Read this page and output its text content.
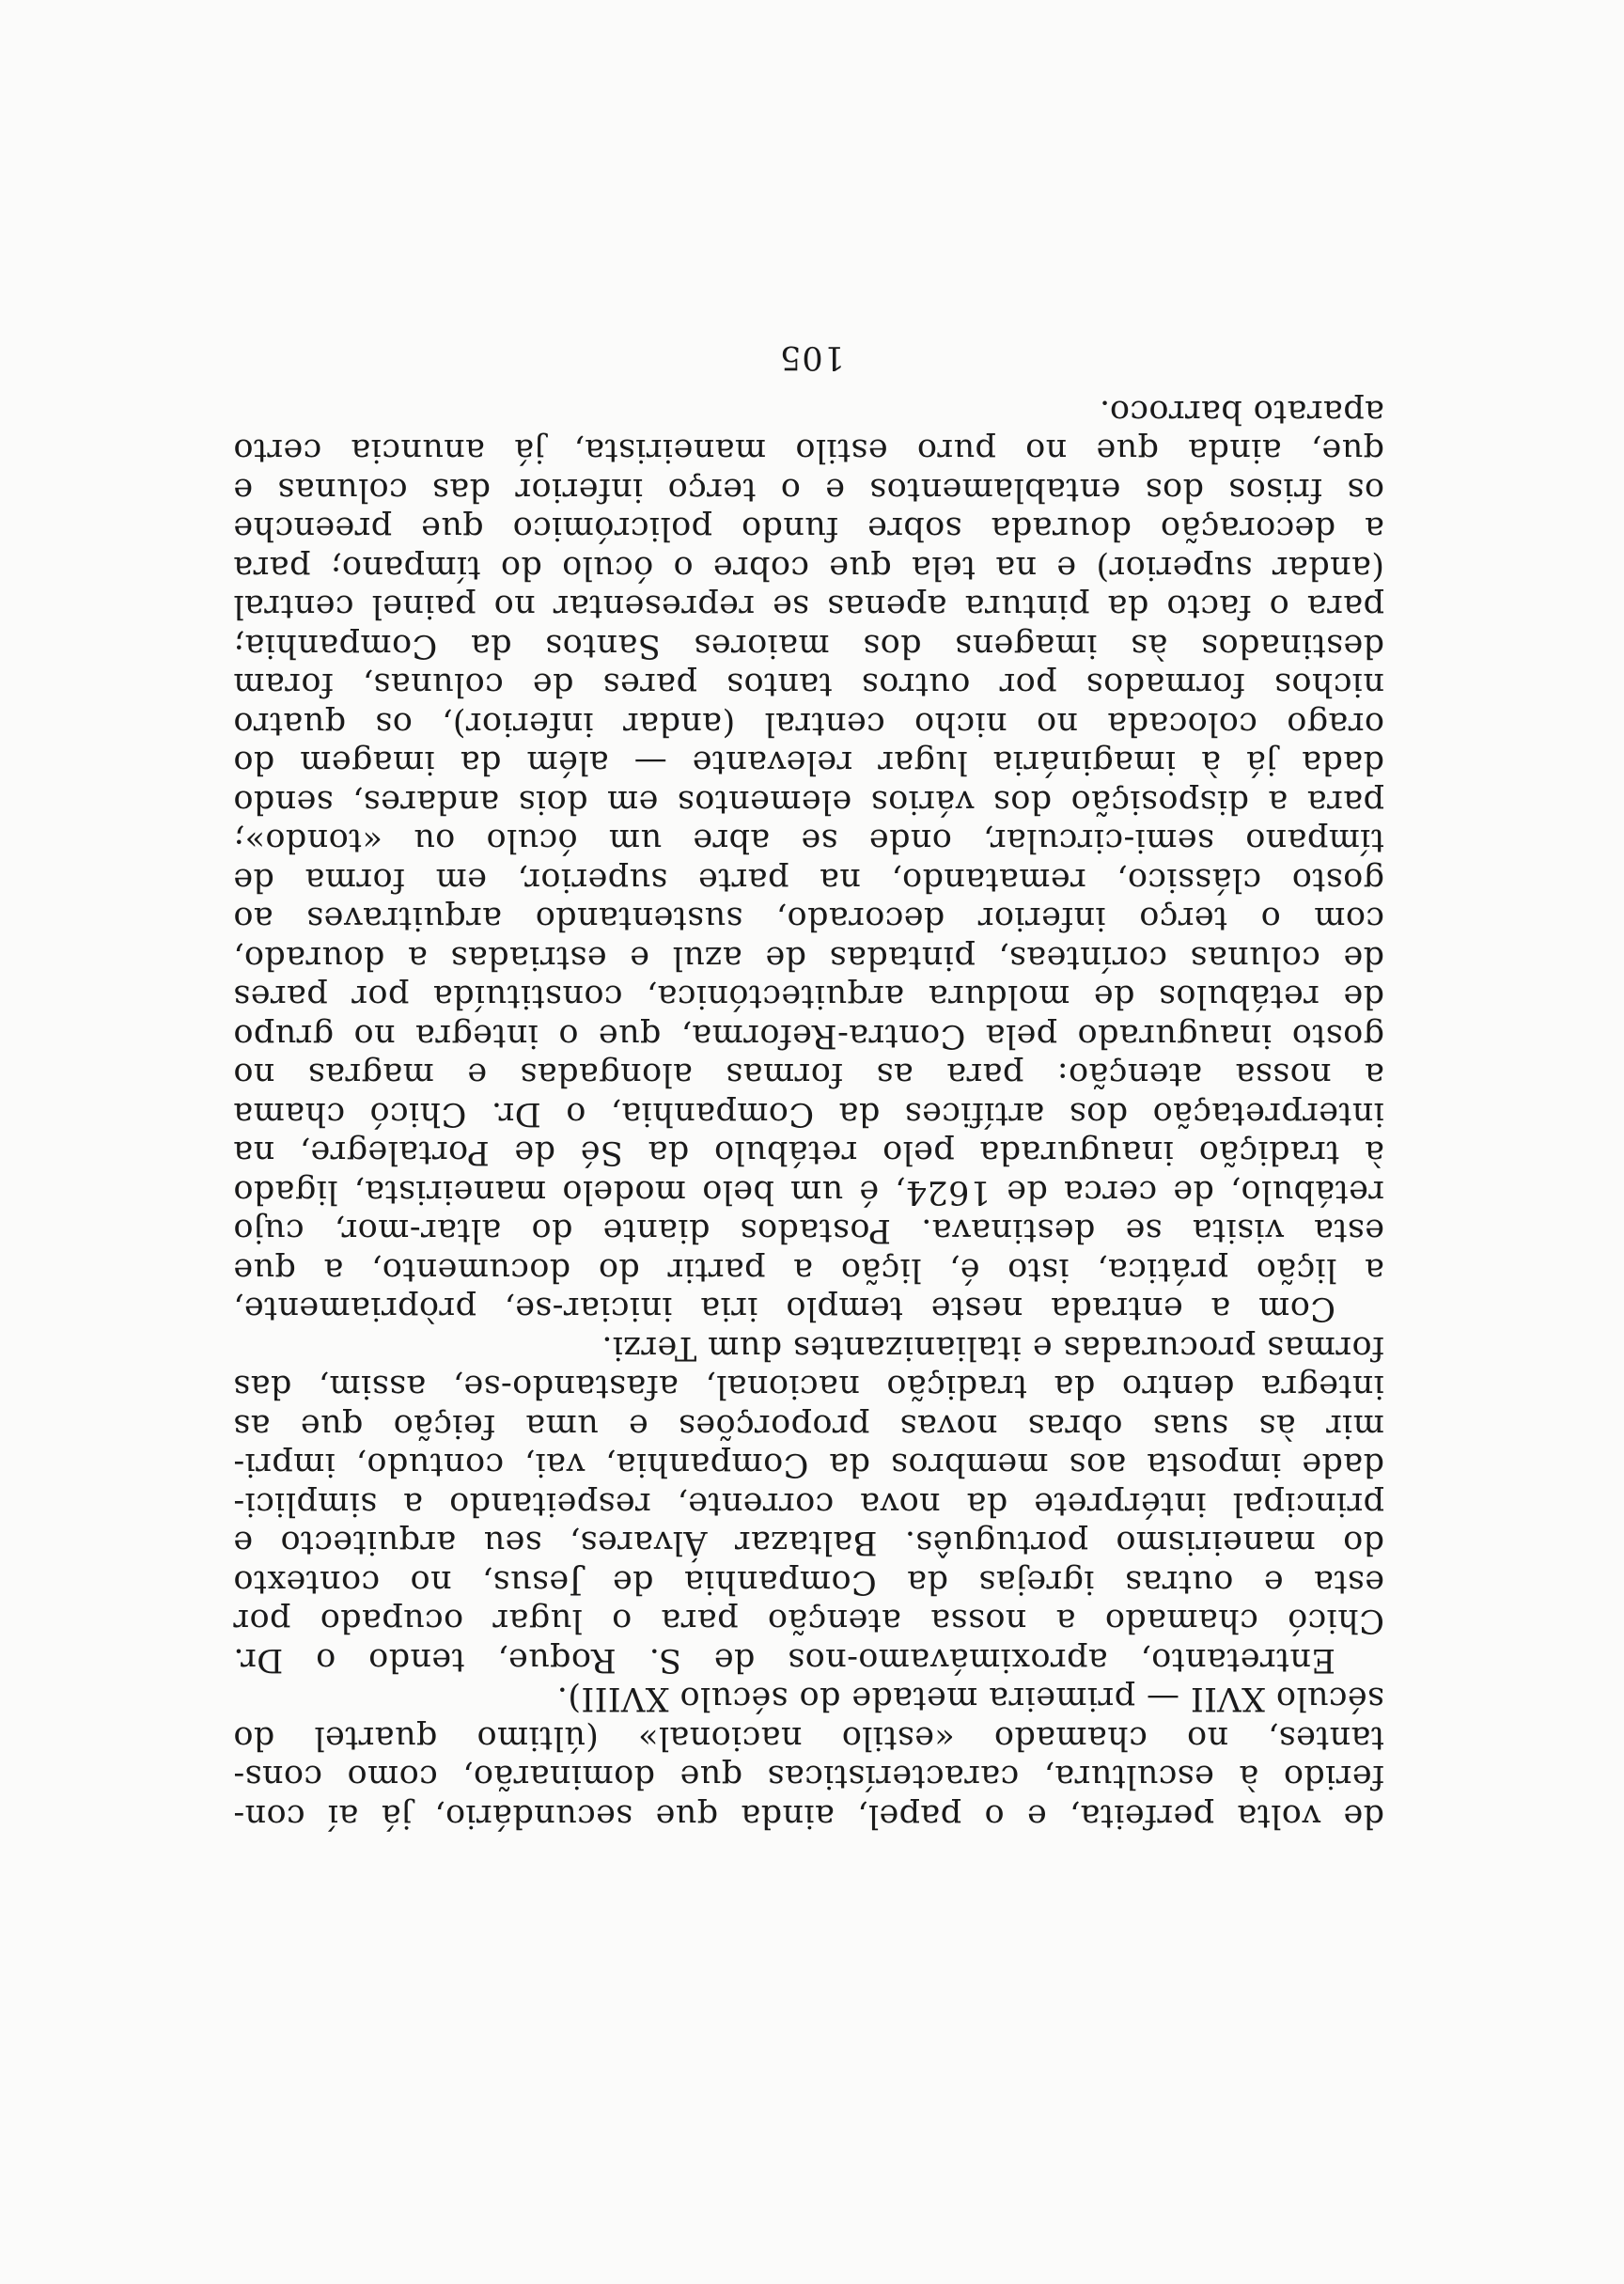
de volta perfeita, e o papel, ainda que secundário, já aí con-
ferido à escultura, características que dominarão, como cons-
tantes, no chamado «estilo nacional» (último quartel do
século XVII — primeira metade do século XVIII).
Entretanto, aproximávamo-nos de S. Roque, tendo o Dr.
Chicó chamado a nossa atenção para o lugar ocupado por
esta e outras igrejas da Companhia de Jesus, no contexto
do maneirismo português. Baltazar Álvares, seu arquitecto e
principal intérprete da nova corrente, respeitando a simplici-
dade imposta aos membros da Companhia, vai, contudo, impri-
mir às suas obras novas proporções e uma feição que as
integra dentro da tradição nacional, afastando-se, assim, das
formas procuradas e italianizantes dum Terzi.
Com a entrada neste templo iria iniciar-se, pròpriamente,
a lição prática, isto é, lição a partir do documento, a que
esta visita se destinava. Postados diante do altar-mor, cujo
retábulo, de cerca de 1624, é um belo modelo maneirista, ligado
à tradição inaugurada pelo retábulo da Sé de Portalegre, na
interpretação dos artífices da Companhia, o Dr. Chicó chama
a nossa atenção: para as formas alongadas e magras no
gosto inaugurado pela Contra-Reforma, que o integra no grupo
de retábulos de moldura arquitectónica, constituída por pares
de colunas corínteas, pintadas de azul e estriadas a dourado,
com o terço inferior decorado, sustentando arquitraves ao
gosto clássico, rematando, na parte superior, em forma de
tímpano semi-circular, onde se abre um óculo ou «tondo»;
para a disposição dos vários elementos em dois andares, sendo
dada já à imaginária lugar relevante — além da imagem do
orago colocada no nicho central (andar inferior), os quatro
nichos formados por outros tantos pares de colunas, foram
destinados às imagens dos maiores Santos da Companhia;
para o facto da pintura apenas se representar no painel central
(andar superior) e na tela que cobre o óculo do tímpano; para
a decoração dourada sobre fundo policrómico que preenche
os frisos dos entablamentos e o terço inferior das colunas e
que, ainda que no puro estilo maneirista, já anuncia certo
aparato barroco.
105
